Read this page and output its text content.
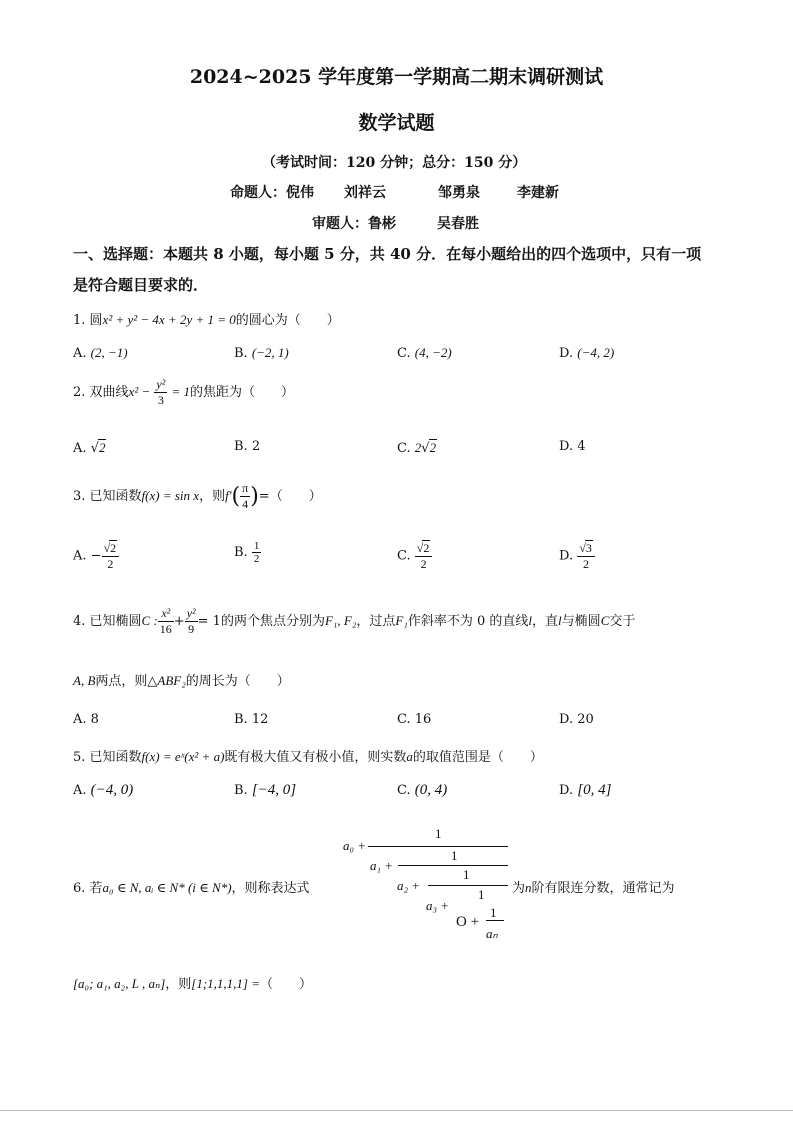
2024~2025 学年度第一学期高二期末调研测试
数学试题
（考试时间：120 分钟；总分：150 分）
命题人：倪伟 刘祥云	邹勇泉	李建新
审题人：鲁彬	吴春胜
一、选择题：本题共 8 小题，每小题 5 分，共 40 分．在每小题给出的四个选项中，只有一项
是符合题目要求的．
1. 圆x² + y² − 4x + 2y + 1 = 0的圆心为（　　）
A. (2, −1)	B. (−2, 1)	C. (4, −2)	D. (−4, 2)
2. 双曲线$x^2 - \frac{\text{y²}}{3} = 1$的焦距为（　　）
A. √2	B. 2	C. 2√2	D. 4
3. 已知函数f(x) = sin x，则$f'( \frac{\pi}{4}$ )=（　　）
A. − $\frac{√2}{2}$	B. $\frac{1}{2}$	C. $\frac{√2}{2}$	D. $\frac{√3}{2}$
4. 已知椭圆C : $\frac{\text{x²}}{16} + \frac{\text{y²}}{9} = 1$的两个焦点分别为F₁, F₂，过点F₁作斜率不为 0 的直线l，直l与椭圆C交于
A, B两点，则△ABF₂的周长为（　　）
A. 8	B. 12	C. 16	D. 20
5. 已知函数f(x) = eˣ(x² + a)既有极大值又有极小值，则实数a的取值范围是（　　）
A. (−4, 0)	B. [−4, 0]	C. (0, 4)	D. [0, 4]
6. 若a₀ ∈ N, aᵢ ∈ N* (i ∈ N*)，则称表达式
1
a₀ +
1
a₁ +
1
a₂ +
1
a₃ +	1
O +
aₙ
为n阶有限连分数，通常记为
[a₀; a₁, a₂, L , aₙ]，则[1;1,1,1,1] =（　　）
